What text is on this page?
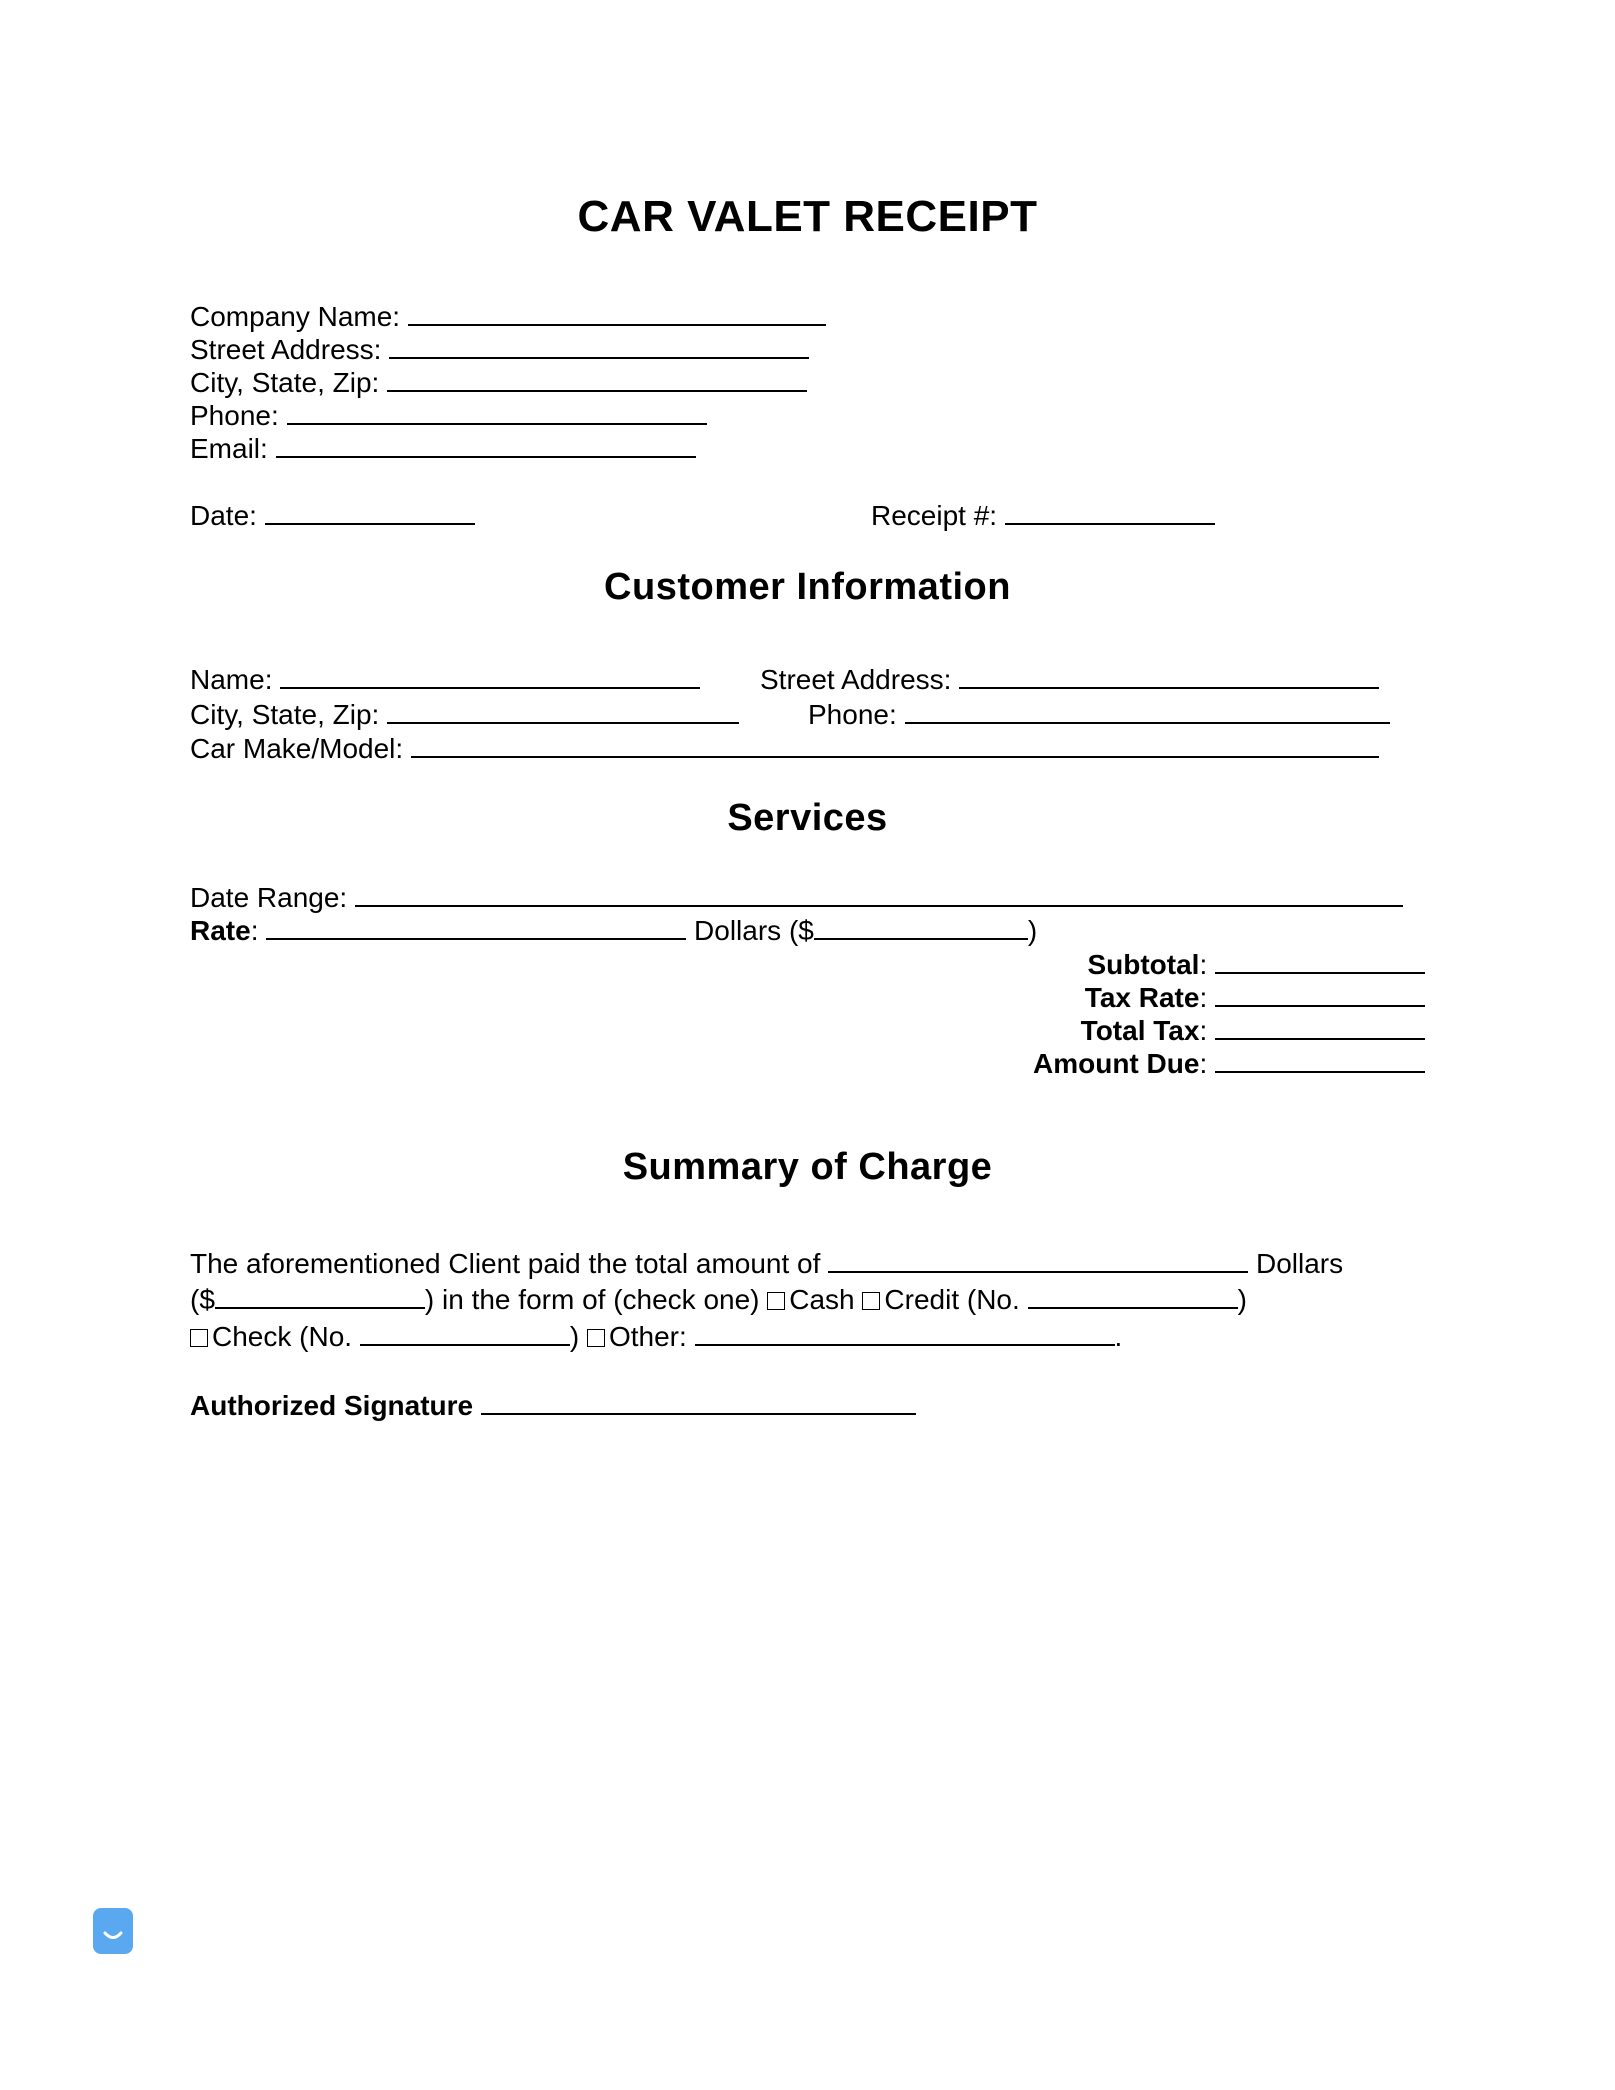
CAR VALET RECEIPT
Company Name:
Street Address:
City, State, Zip:
Phone:
Email:
Date:	Receipt #:
Customer Information
Name:	Street Address:
City, State, Zip:	Phone:
Car Make/Model:
Services
Date Range:
Rate:	Dollars ($	)
Subtotal:
Tax Rate:
Total Tax:
Amount Due:
Summary of Charge
The aforementioned Client paid the total amount of	Dollars
($	) in the form of (check one) Cash Credit (No.	)
Check (No.	) Other:	.
Authorized Signature
